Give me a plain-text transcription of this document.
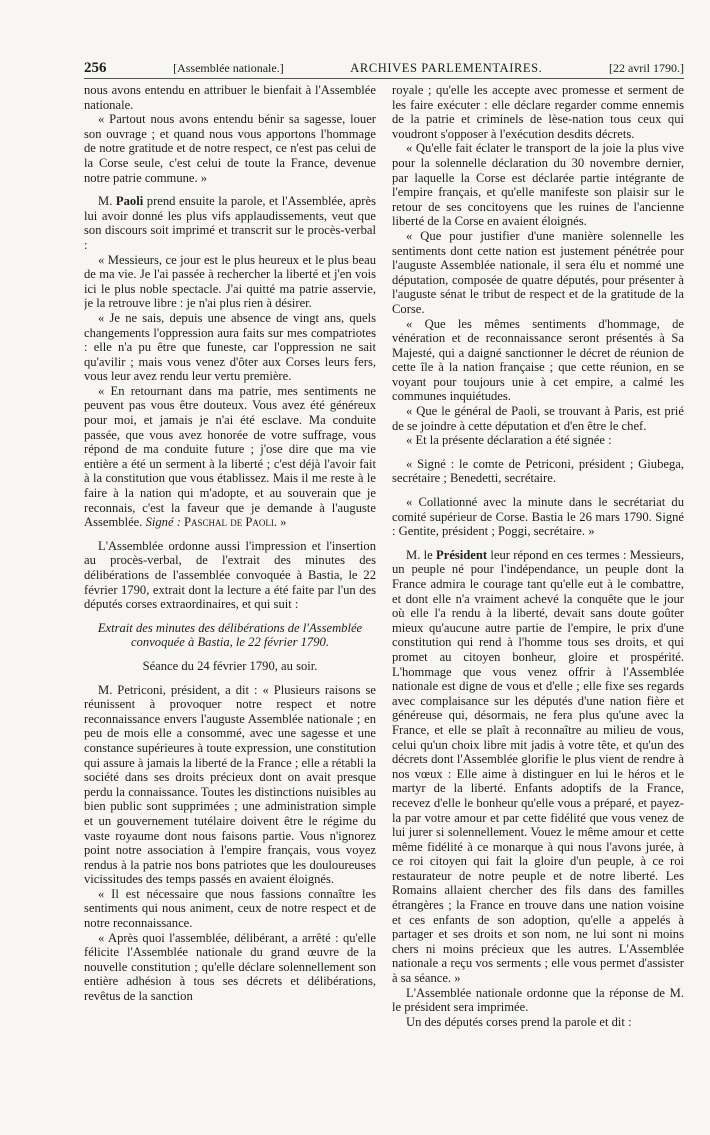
256	[Assemblée nationale.]	ARCHIVES PARLEMENTAIRES.	[22 avril 1790.]

nous avons entendu en attribuer le bienfait à l'Assemblée nationale.

« Partout nous avons entendu bénir sa sagesse, louer son ouvrage ; et quand nous vous apportons l'hommage de notre gratitude et de notre respect, ce n'est pas celui de la Corse seule, c'est celui de toute la France, devenue notre patrie commune. »

M. Paoli prend ensuite la parole, et l'Assemblée, après lui avoir donné les plus vifs applaudissements, veut que son discours soit imprimé et transcrit sur le procès-verbal :

« Messieurs, ce jour est le plus heureux et le plus beau de ma vie. Je l'ai passée à rechercher la liberté et j'en vois ici le plus noble spectacle. J'ai quitté ma patrie asservie, je la retrouve libre : je n'ai plus rien à désirer.

« Je ne sais, depuis une absence de vingt ans, quels changements l'oppression aura faits sur mes compatriotes : elle n'a pu être que funeste, car l'oppression ne sait qu'avilir ; mais vous venez d'ôter aux Corses leurs fers, vous leur avez rendu leur vertu première.

« En retournant dans ma patrie, mes sentiments ne peuvent pas vous être douteux. Vous avez été généreux pour moi, et jamais je n'ai été esclave. Ma conduite passée, que vous avez honorée de votre suffrage, vous répond de ma conduite future ; j'ose dire que ma vie entière a été un serment à la liberté ; c'est déjà l'avoir fait à la constitution que vous établissez. Mais il me reste à le faire à la nation qui m'adopte, et au souverain que je reconnais, c'est la faveur que je demande à l'auguste Assemblée. Signé : Paschal de Paoli. »

L'Assemblée ordonne aussi l'impression et l'insertion au procès-verbal, de l'extrait des minutes des délibérations de l'assemblée convoquée à Bastia, le 22 février 1790, extrait dont la lecture a été faite par l'un des députés corses extraordinaires, et qui suit :

Extrait des minutes des délibérations de l'Assemblée convoquée à Bastia, le 22 février 1790.

Séance du 24 février 1790, au soir.

M. Petriconi, président, a dit : « Plusieurs raisons se réunissent à provoquer notre respect et notre reconnaissance envers l'auguste Assemblée nationale ; en peu de mois elle a consommé, avec une sagesse et une constance supérieures à toute expression, une constitution qui assure à jamais la liberté de la France ; elle a rétabli la société dans ses droits précieux dont on avait presque perdu la connaissance. Toutes les distinctions nuisibles au bien public sont supprimées ; une administration simple et un gouvernement tutélaire doivent être le régime du vaste royaume dont nous faisons partie. Vous n'ignorez point notre association à l'empire français, vous voyez rendus à la patrie nos bons patriotes que les douloureuses vicissitudes des temps passés en avaient éloignés.

« Il est nécessaire que nous fassions connaître les sentiments qui nous animent, ceux de notre respect et de notre reconnaissance.

« Après quoi l'assemblée, délibérant, a arrêté : qu'elle félicite l'Assemblée nationale du grand œuvre de la nouvelle constitution ; qu'elle déclare solennellement son entière adhésion à tous ses décrets et délibérations, revêtus de la sanction

royale ; qu'elle les accepte avec promesse et serment de les faire exécuter : elle déclare regarder comme ennemis de la patrie et criminels de lèse-nation tous ceux qui voudront s'opposer à l'exécution desdits décrets.

« Qu'elle fait éclater le transport de la joie la plus vive pour la solennelle déclaration du 30 novembre dernier, par laquelle la Corse est déclarée partie intégrante de l'empire français, et qu'elle manifeste son plaisir sur le retour de ses concitoyens que les ruines de l'ancienne liberté de la Corse en avaient éloignés.

« Que pour justifier d'une manière solennelle les sentiments dont cette nation est justement pénétrée pour l'auguste Assemblée nationale, il sera élu et nommé une députation, composée de quatre députés, pour présenter à l'auguste sénat le tribut de respect et de la gratitude de la Corse.

« Que les mêmes sentiments d'hommage, de vénération et de reconnaissance seront présentés à Sa Majesté, qui a daigné sanctionner le décret de réunion de cette île à la nation française ; que cette réunion, en se voyant pour toujours unie à cet empire, a calmé les communes inquiétudes.

« Que le général de Paoli, se trouvant à Paris, est prié de se joindre à cette députation et d'en être le chef.

« Et la présente déclaration a été signée :

« Signé : le comte de Petriconi, président ; Giubega, secrétaire ; Benedetti, secrétaire.

« Collationné avec la minute dans le secrétariat du comité supérieur de Corse. Bastia le 26 mars 1790. Signé : Gentite, président ; Poggi, secrétaire. »

M. le Président leur répond en ces termes : Messieurs, un peuple né pour l'indépendance, un peuple dont la France admira le courage tant qu'elle eut à le combattre, et dont elle n'a vraiment achevé la conquête que le jour où elle l'a rendu à la liberté, devait sans doute goûter mieux qu'aucune autre partie de l'empire, le prix d'une constitution qui rend à l'homme tous ses droits, et qui promet au citoyen bonheur, gloire et prospérité. L'hommage que vous venez offrir à l'Assemblée nationale est digne de vous et d'elle ; elle fixe ses regards avec complaisance sur les députés d'une nation fière et généreuse qui, désormais, ne fera plus qu'une avec la France, et elle se plaît à reconnaître au milieu de vous, celui qu'un choix libre mit jadis à votre tête, et qu'un des décrets dont l'Assemblée glorifie le plus vient de rendre à nos vœux : Elle aime à distinguer en lui le héros et le martyr de la liberté. Enfants adoptifs de la France, recevez d'elle le bonheur qu'elle vous a préparé, et payez-la par votre amour et par cette fidélité que vous venez de lui jurer si solennellement. Vouez le même amour et cette même fidélité à ce monarque à qui nous l'avons jurée, à ce roi citoyen qui fait la gloire d'un peuple, à ce roi restaurateur de notre peuple et de notre liberté. Les Romains allaient chercher des fils dans des familles étrangères ; la France en trouve dans une nation voisine et ces enfants de son adoption, qu'elle a appelés à partager et ses droits et son nom, ne lui sont ni moins chers ni moins précieux que les autres. L'Assemblée nationale a reçu vos serments ; elle vous permet d'assister à sa séance. »

L'Assemblée nationale ordonne que la réponse de M. le président sera imprimée.

Un des députés corses prend la parole et dit :
